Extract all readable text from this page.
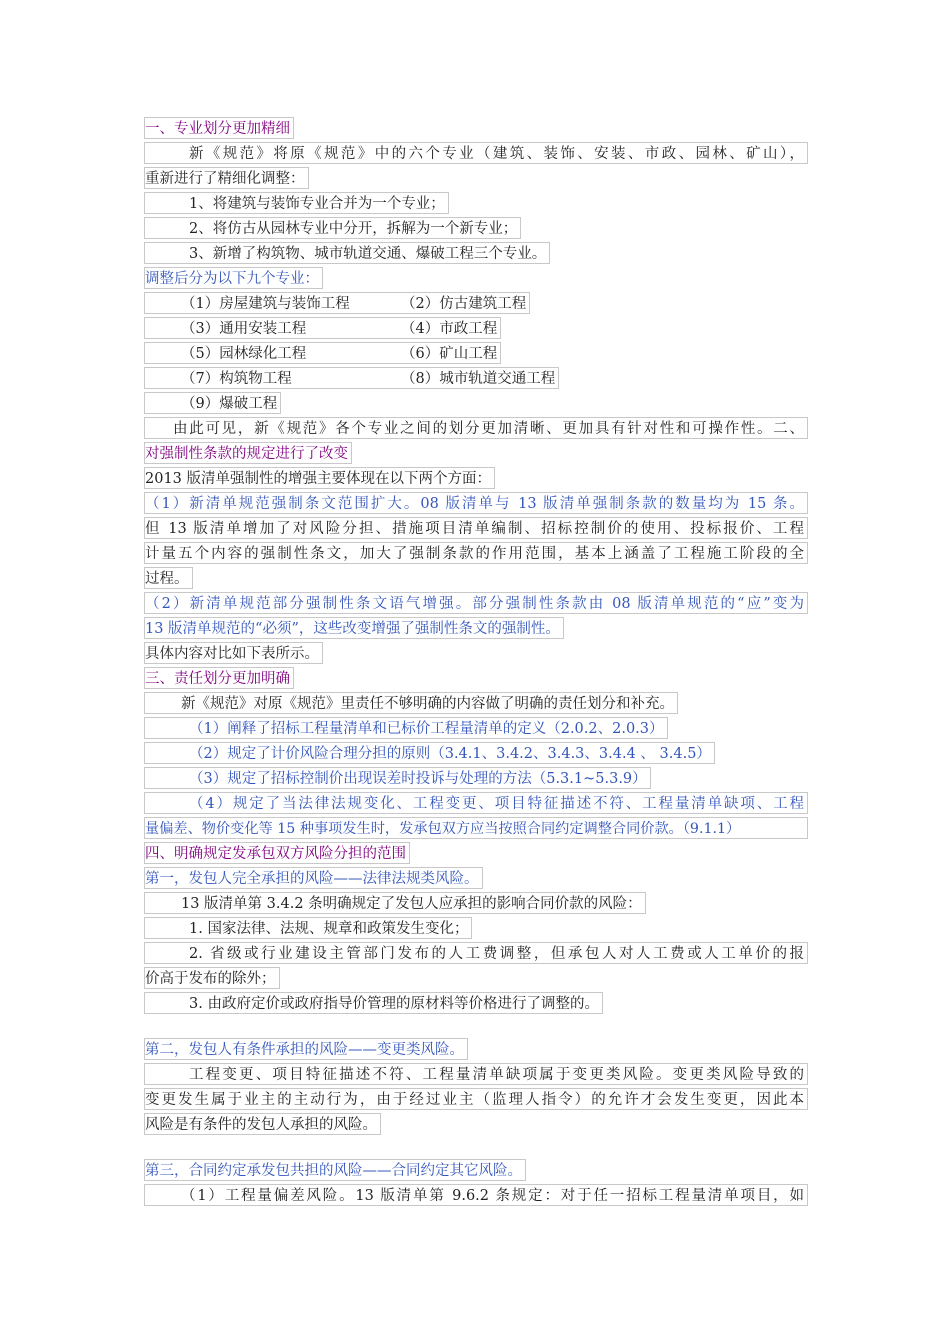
一、专业划分更加精细
新《规范》将原《规范》中的六个专业（建筑、装饰、安装、市政、园林、矿山），
重新进行了精细化调整：
1、将建筑与装饰专业合并为一个专业；
2、将仿古从园林专业中分开，拆解为一个新专业；
3、新增了构筑物、城市轨道交通、爆破工程三个专业。
调整后分为以下九个专业：
（1）房屋建筑与装饰工程	（2）仿古建筑工程
（3）通用安装工程	（4）市政工程
（5）园林绿化工程	（6）矿山工程
（7）构筑物工程	（8）城市轨道交通工程
（9）爆破工程
由此可见，新《规范》各个专业之间的划分更加清晰、更加具有针对性和可操作性。二、
对强制性条款的规定进行了改变
2013 版清单强制性的增强主要体现在以下两个方面：
（1）新清单规范强制条文范围扩大。08 版清单与 13 版清单强制条款的数量均为 15 条。
但 13 版清单增加了对风险分担、措施项目清单编制、招标控制价的使用、投标报价、工程
计量五个内容的强制性条文，加大了强制条款的作用范围，基本上涵盖了工程施工阶段的全
过程。
（2）新清单规范部分强制性条文语气增强。部分强制性条款由 08 版清单规范的“应”变为
13 版清单规范的“必须”，这些改变增强了强制性条文的强制性。
具体内容对比如下表所示。
三、责任划分更加明确
新《规范》对原《规范》里责任不够明确的内容做了明确的责任划分和补充。
（1）阐释了招标工程量清单和已标价工程量清单的定义（2.0.2、2.0.3）
（2）规定了计价风险合理分担的原则（3.4.1、3.4.2、3.4.3、3.4.4 、 3.4.5）
（3）规定了招标控制价出现误差时投诉与处理的方法（5.3.1~5.3.9）
（4）规定了当法律法规变化、工程变更、项目特征描述不符、工程量清单缺项、工程
量偏差、物价变化等 15 种事项发生时，发承包双方应当按照合同约定调整合同价款。（9.1.1）
四、明确规定发承包双方风险分担的范围
第一，发包人完全承担的风险——法律法规类风险。
13 版清单第 3.4.2 条明确规定了发包人应承担的影响合同价款的风险：
1. 国家法律、法规、规章和政策发生变化；
2. 省级或行业建设主管部门发布的人工费调整，但承包人对人工费或人工单价的报
价高于发布的除外；
3. 由政府定价或政府指导价管理的原材料等价格进行了调整的。
第二，发包人有条件承担的风险——变更类风险。
工程变更、项目特征描述不符、工程量清单缺项属于变更类风险。变更类风险导致的
变更发生属于业主的主动行为，由于经过业主（监理人指令）的允许才会发生变更，因此本
风险是有条件的发包人承担的风险。
第三，合同约定承发包共担的风险——合同约定其它风险。
（1）工程量偏差风险。13 版清单第 9.6.2 条规定：对于任一招标工程量清单项目，如
